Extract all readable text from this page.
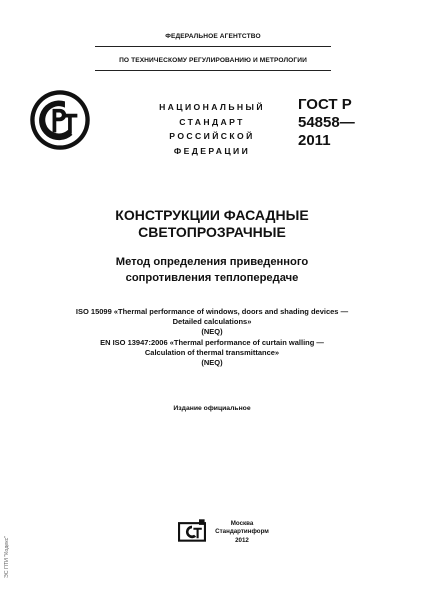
ФЕДЕРАЛЬНОЕ АГЕНТСТВО
ПО ТЕХНИЧЕСКОМУ РЕГУЛИРОВАНИЮ И МЕТРОЛОГИИ
НАЦИОНАЛЬНЫЙ
СТАНДАРТ
РОССИЙСКОЙ
ФЕДЕРАЦИИ
ГОСТ Р
54858—
2011
КОНСТРУКЦИИ ФАСАДНЫЕ
СВЕТОПРОЗРАЧНЫЕ
Метод определения приведенного
сопротивления теплопередаче
ISO 15099 «Thermal performance of windows, doors and shading devices —
Detailed calculations»
(NEQ)
EN ISO 13947:2006 «Thermal performance of curtain walling —
Calculation of thermal transmittance»
(NEQ)
Издание официальное
Москва
Стандартинформ
2012
ЭС ПТИ "Кодекс"
